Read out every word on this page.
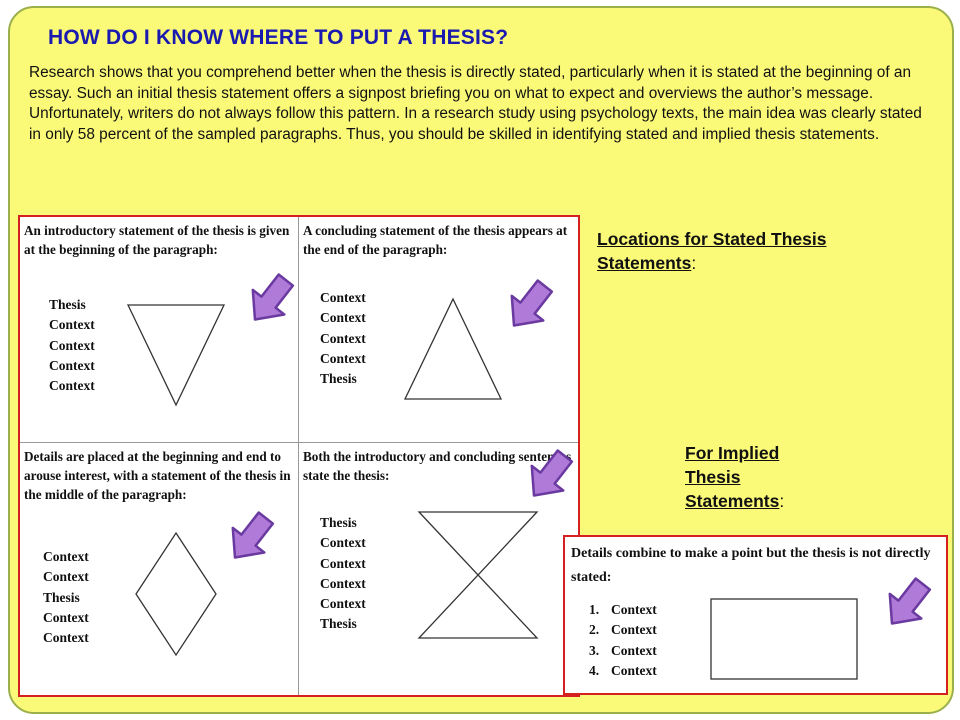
HOW DO I KNOW WHERE TO PUT A THESIS?
Research shows that you comprehend better when the thesis is directly stated, particularly when it is stated at the beginning of an essay. Such an initial thesis statement offers a signpost briefing you on what to expect and overviews the author’s message. Unfortunately, writers do not always follow this pattern. In a research study using psychology texts, the main idea was clearly stated in only 58 percent of the sampled paragraphs. Thus, you should be skilled in identifying stated and implied thesis statements.
An introductory statement of the thesis is given at the beginning of the paragraph:
Thesis
Context
Context
Context
Context
A concluding statement of the thesis appears at the end of the paragraph:
Context
Context
Context
Context
Thesis
Details are placed at the beginning and end to arouse interest, with a statement of the thesis in the middle of the paragraph:
Context
Context
Thesis
Context
Context
Both the introductory and concluding sentences state the thesis:
Thesis
Context
Context
Context
Context
Thesis
Locations for Stated Thesis Statements:
For Implied Thesis Statements:
Details combine to make a point but the thesis is not directly stated:
1. Context
2. Context
3. Context
4. Context
